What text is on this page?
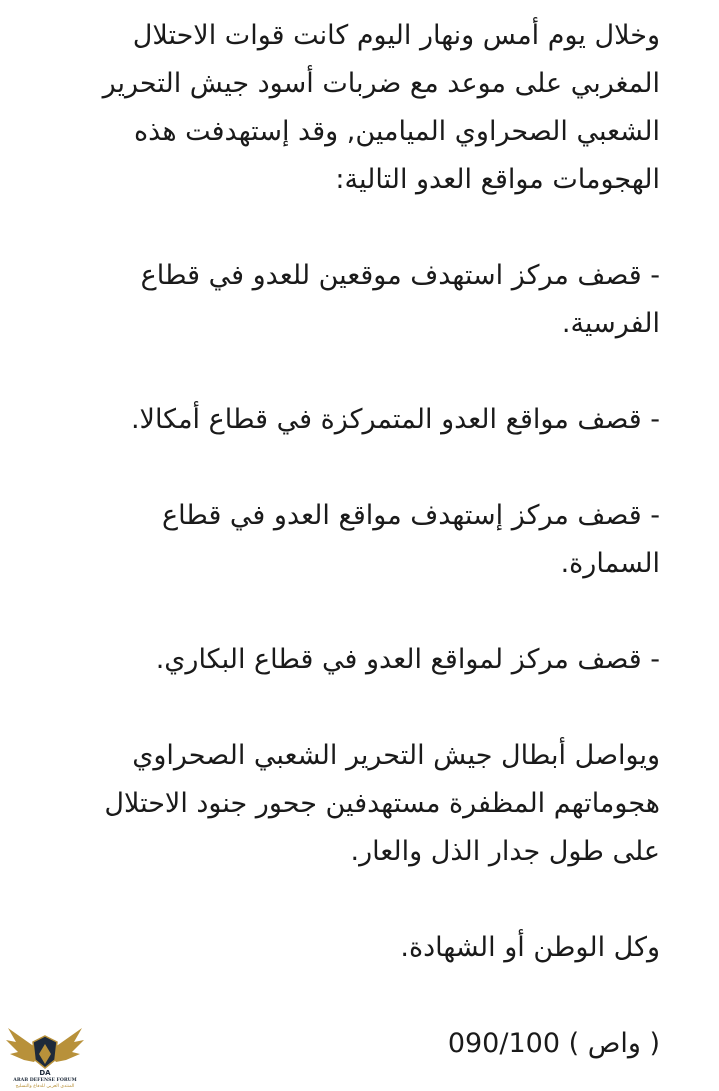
وخلال يوم أمس ونهار اليوم كانت قوات الاحتلال المغربي على موعد مع ضربات أسود جيش التحرير الشعبي الصحراوي الميامين, وقد إستهدفت هذه الهجومات مواقع العدو التالية:

- قصف مركز استهدف موقعين للعدو في قطاع الفرسية.

- قصف مواقع العدو المتمركزة في قطاع أمكالا.

- قصف مركز إستهدف مواقع العدو في قطاع السمارة.

- قصف مركز لمواقع العدو في قطاع البكاري.

ويواصل أبطال جيش التحرير الشعبي الصحراوي هجوماتهم المظفرة مستهدفين جحور جنود الاحتلال على طول جدار الذل والعار.

وكل الوطن أو الشهادة.

( واص ) 090/100

DA
ARAB DEFENSE FORUM
المنتدى العربي للدفاع والتسليح
